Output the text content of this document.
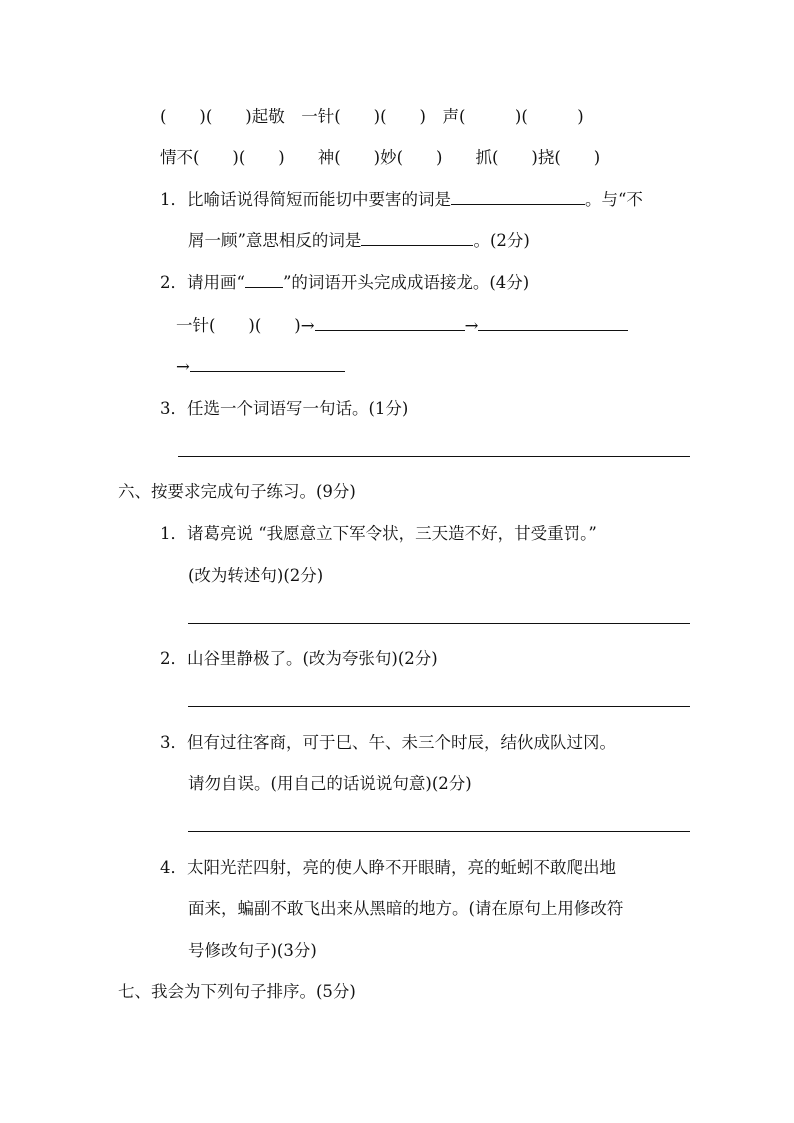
(　　)(　　)起敬　一针(　　)(　　)　声(　　　)(　　　)
情不(　　)(　　)　　神(　　)妙(　　)　　抓(　　)挠(　　)
1．比喻话说得简短而能切中要害的词是	。与“不
屑一顾”意思相反的词是	。(2分)
2．请用画“ ”的词语开头完成成语接龙。(4分)
一针(　　)(　　)→	→
→
3．任选一个词语写一句话。(1分)
六、按要求完成句子练习。(9分)
1．诸葛亮说 “我愿意立下军令状，三天造不好，甘受重罚。”
(改为转述句)(2分)
2．山谷里静极了。(改为夸张句)(2分)
3．但有过往客商，可于巳、午、未三个时辰，结伙成队过冈。
请勿自误。(用自己的话说说句意)(2分)
4．太阳光茫四射，亮的使人睁不开眼睛，亮的蚯蚓不敢爬出地
面来，蝙副不敢飞出来从黑暗的地方。(请在原句上用修改符
号修改句子)(3分)
七、我会为下列句子排序。(5分)
